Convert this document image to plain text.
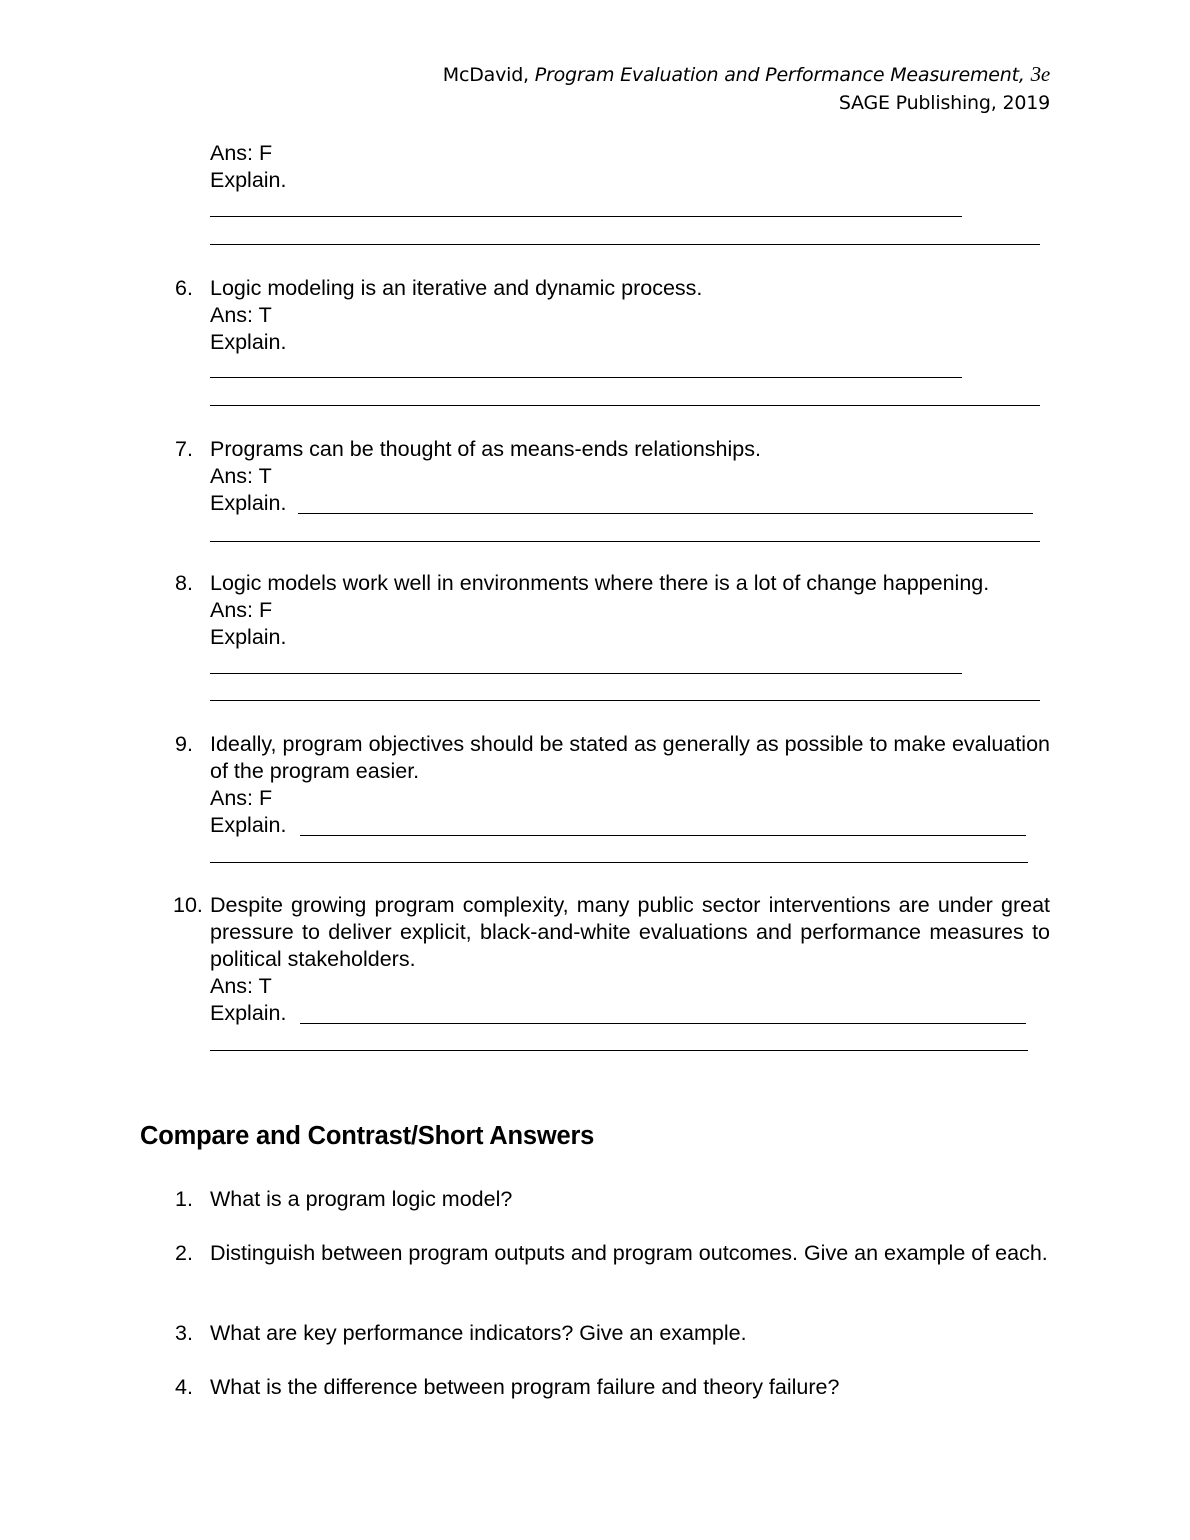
McDavid, Program Evaluation and Performance Measurement, 3e
SAGE Publishing, 2019
Ans: F
Explain.
6. Logic modeling is an iterative and dynamic process.
Ans: T
Explain.
7. Programs can be thought of as means-ends relationships.
Ans: T
Explain.
8. Logic models work well in environments where there is a lot of change happening.
Ans: F
Explain.
9. Ideally, program objectives should be stated as generally as possible to make evaluation of the program easier.
Ans: F
Explain.
10. Despite growing program complexity, many public sector interventions are under great pressure to deliver explicit, black-and-white evaluations and performance measures to political stakeholders.
Ans: T
Explain.
Compare and Contrast/Short Answers
1. What is a program logic model?
2. Distinguish between program outputs and program outcomes. Give an example of each.
3. What are key performance indicators? Give an example.
4. What is the difference between program failure and theory failure?
